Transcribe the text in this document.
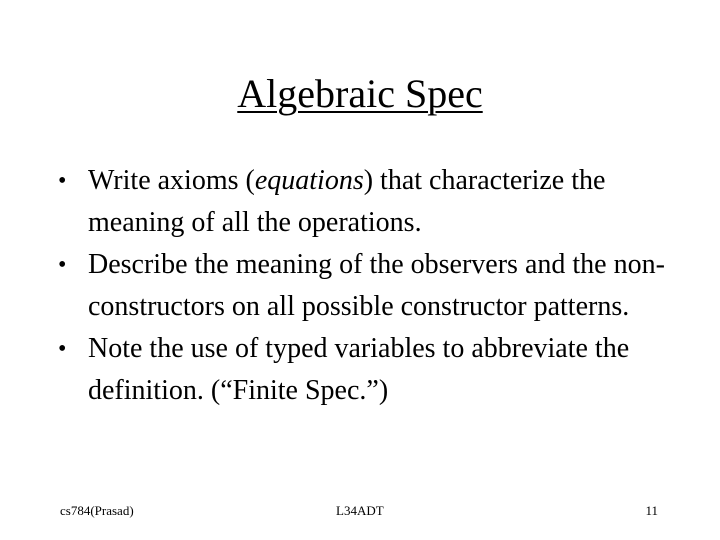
Algebraic Spec
• Write axioms (equations) that characterize the meaning of all the operations.
• Describe the meaning of the observers and the non-constructors on all possible constructor patterns.
• Note the use of typed variables to abbreviate the definition. (“Finite Spec.”)
cs784(Prasad)	L34ADT	11
